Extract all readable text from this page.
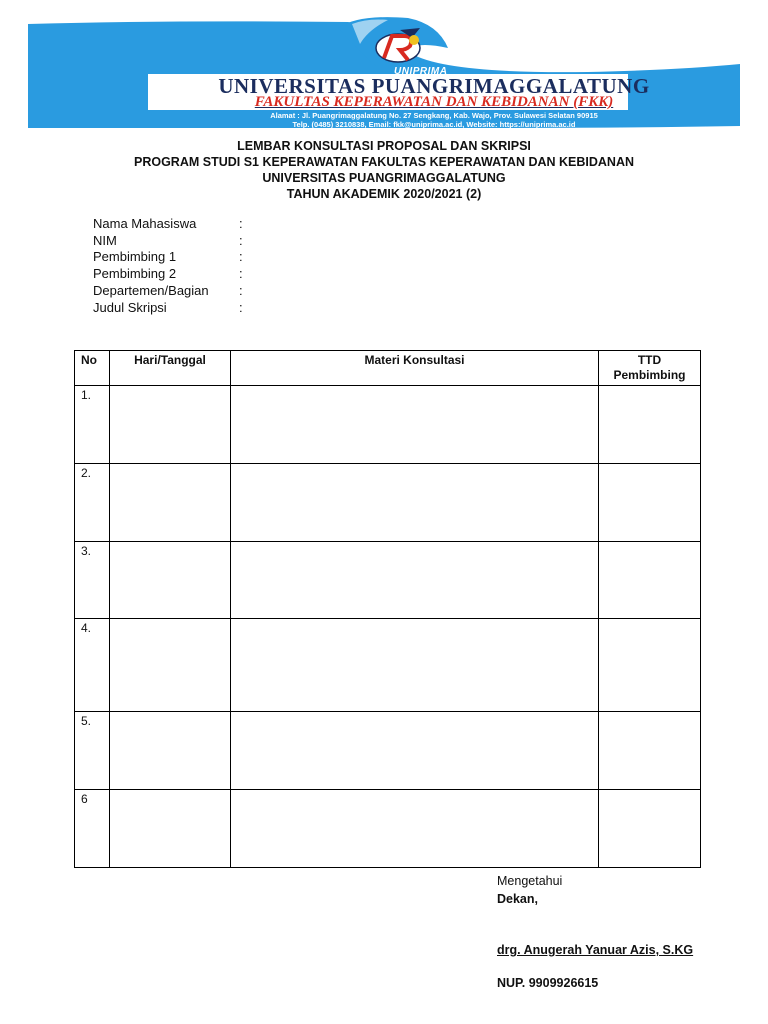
UNIPRIMA
UNIVERSITAS PUANGRIMAGGALATUNG
FAKULTAS KEPERAWATAN DAN KEBIDANAN (FKK)
Alamat : Jl. Puangrimaggalatung No. 27 Sengkang, Kab. Wajo, Prov. Sulawesi Selatan 90915
Telp. (0485) 3210838, Email: fkk@uniprima.ac.id, Website: https://uniprima.ac.id
LEMBAR KONSULTASI PROPOSAL DAN SKRIPSI
PROGRAM STUDI S1 KEPERAWATAN FAKULTAS KEPERAWATAN DAN KEBIDANAN
UNIVERSITAS PUANGRIMAGGALATUNG
TAHUN AKADEMIK 2020/2021 (2)
Nama Mahasiswa	:
NIM	:
Pembimbing 1	:
Pembimbing 2	:
Departemen/Bagian	:
Judul Skripsi	:
No	Hari/Tanggal	Materi Konsultasi	TTD Pembimbing
1.			
2.			
3.			
4.			
5.			
6			
Mengetahui
Dekan,
drg. Anugerah Yanuar Azis, S.KG
NUP. 9909926615
